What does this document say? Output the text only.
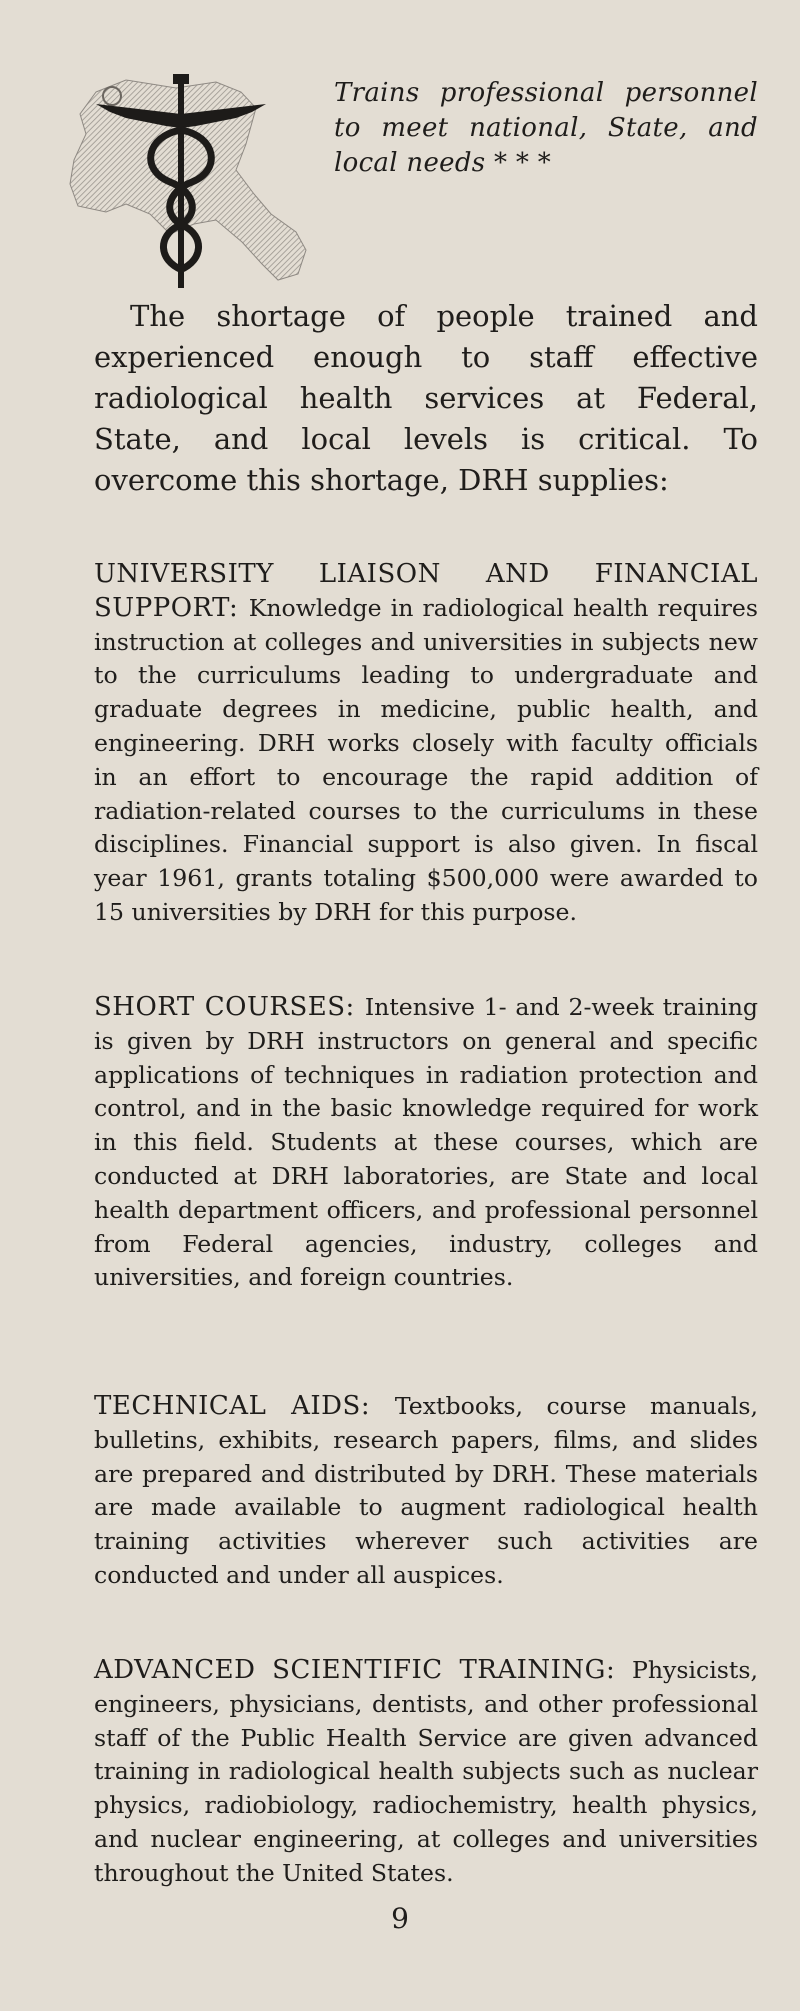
Trains professional personnel to meet national, State, and local needs * * *
The shortage of people trained and experienced enough to staff effective radiological health services at Federal, State, and local levels is critical. To overcome this shortage, DRH supplies:
UNIVERSITY LIAISON AND FINANCIAL SUPPORT: Knowledge in radiological health requires instruction at colleges and universities in subjects new to the curriculums leading to undergraduate and graduate degrees in medicine, public health, and engineering. DRH works closely with faculty officials in an effort to encourage the rapid addition of radiation-related courses to the curriculums in these disciplines. Financial support is also given. In fiscal year 1961, grants totaling $500,000 were awarded to 15 universities by DRH for this purpose.
SHORT COURSES: Intensive 1- and 2-week training is given by DRH instructors on general and specific applications of techniques in radiation protection and control, and in the basic knowledge required for work in this field. Students at these courses, which are conducted at DRH laboratories, are State and local health department officers, and professional personnel from Federal agencies, industry, colleges and universities, and foreign countries.
TECHNICAL AIDS: Textbooks, course manuals, bulletins, exhibits, research papers, films, and slides are prepared and distributed by DRH. These materials are made available to augment radiological health training activities wherever such activities are conducted and under all auspices.
ADVANCED SCIENTIFIC TRAINING: Physicists, engineers, physicians, dentists, and other professional staff of the Public Health Service are given advanced training in radiological health subjects such as nuclear physics, radiobiology, radiochemistry, health physics, and nuclear engineering, at colleges and universities throughout the United States.
9
